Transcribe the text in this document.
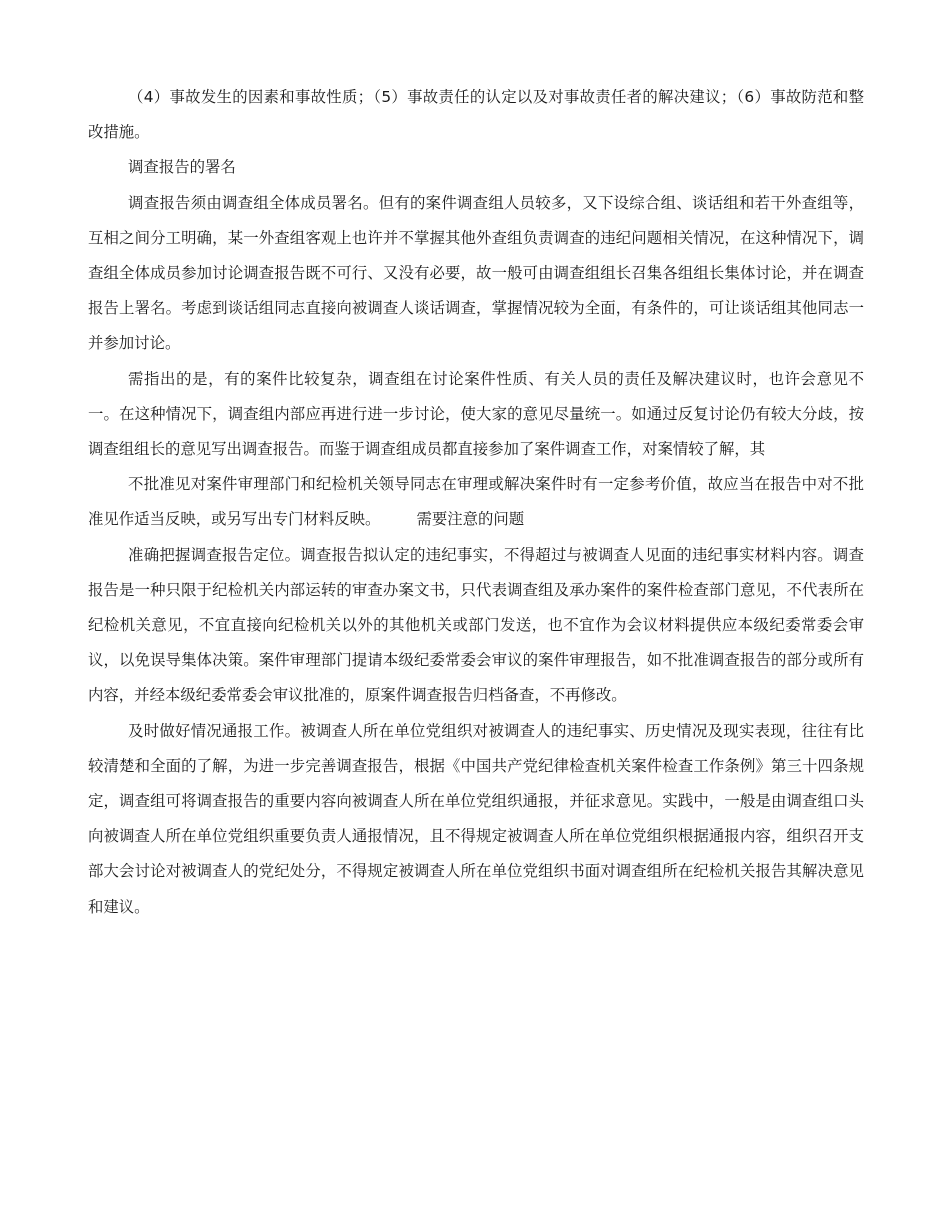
（4）事故发生的因素和事故性质；（5）事故责任的认定以及对事故责任者的解决建议；（6）事故防范和整改措施。

调查报告的署名

调查报告须由调查组全体成员署名。但有的案件调查组人员较多，又下设综合组、谈话组和若干外查组等，互相之间分工明确，某一外查组客观上也许并不掌握其他外查组负责调查的违纪问题相关情况，在这种情况下，调查组全体成员参加讨论调查报告既不可行、又没有必要，故一般可由调查组组长召集各组组长集体讨论，并在调查报告上署名。考虑到谈话组同志直接向被调查人谈话调查，掌握情况较为全面，有条件的，可让谈话组其他同志一并参加讨论。

需指出的是，有的案件比较复杂，调查组在讨论案件性质、有关人员的责任及解决建议时，也许会意见不一。在这种情况下，调查组内部应再进行进一步讨论，使大家的意见尽量统一。如通过反复讨论仍有较大分歧，按调查组组长的意见写出调查报告。而鉴于调查组成员都直接参加了案件调查工作，对案情较了解，其

不批准见对案件审理部门和纪检机关领导同志在审理或解决案件时有一定参考价值，故应当在报告中对不批准见作适当反映，或另写出专门材料反映。 需要注意的问题

准确把握调查报告定位。调查报告拟认定的违纪事实，不得超过与被调查人见面的违纪事实材料内容。调查报告是一种只限于纪检机关内部运转的审查办案文书，只代表调查组及承办案件的案件检查部门意见，不代表所在纪检机关意见，不宜直接向纪检机关以外的其他机关或部门发送，也不宜作为会议材料提供应本级纪委常委会审议，以免误导集体决策。案件审理部门提请本级纪委常委会审议的案件审理报告，如不批准调查报告的部分或所有内容，并经本级纪委常委会审议批准的，原案件调查报告归档备查，不再修改。

及时做好情况通报工作。被调查人所在单位党组织对被调查人的违纪事实、历史情况及现实表现，往往有比较清楚和全面的了解，为进一步完善调查报告，根据《中国共产党纪律检查机关案件检查工作条例》第三十四条规定，调查组可将调查报告的重要内容向被调查人所在单位党组织通报，并征求意见。实践中，一般是由调查组口头向被调查人所在单位党组织重要负责人通报情况，且不得规定被调查人所在单位党组织根据通报内容，组织召开支部大会讨论对被调查人的党纪处分，不得规定被调查人所在单位党组织书面对调查组所在纪检机关报告其解决意见和建议。
